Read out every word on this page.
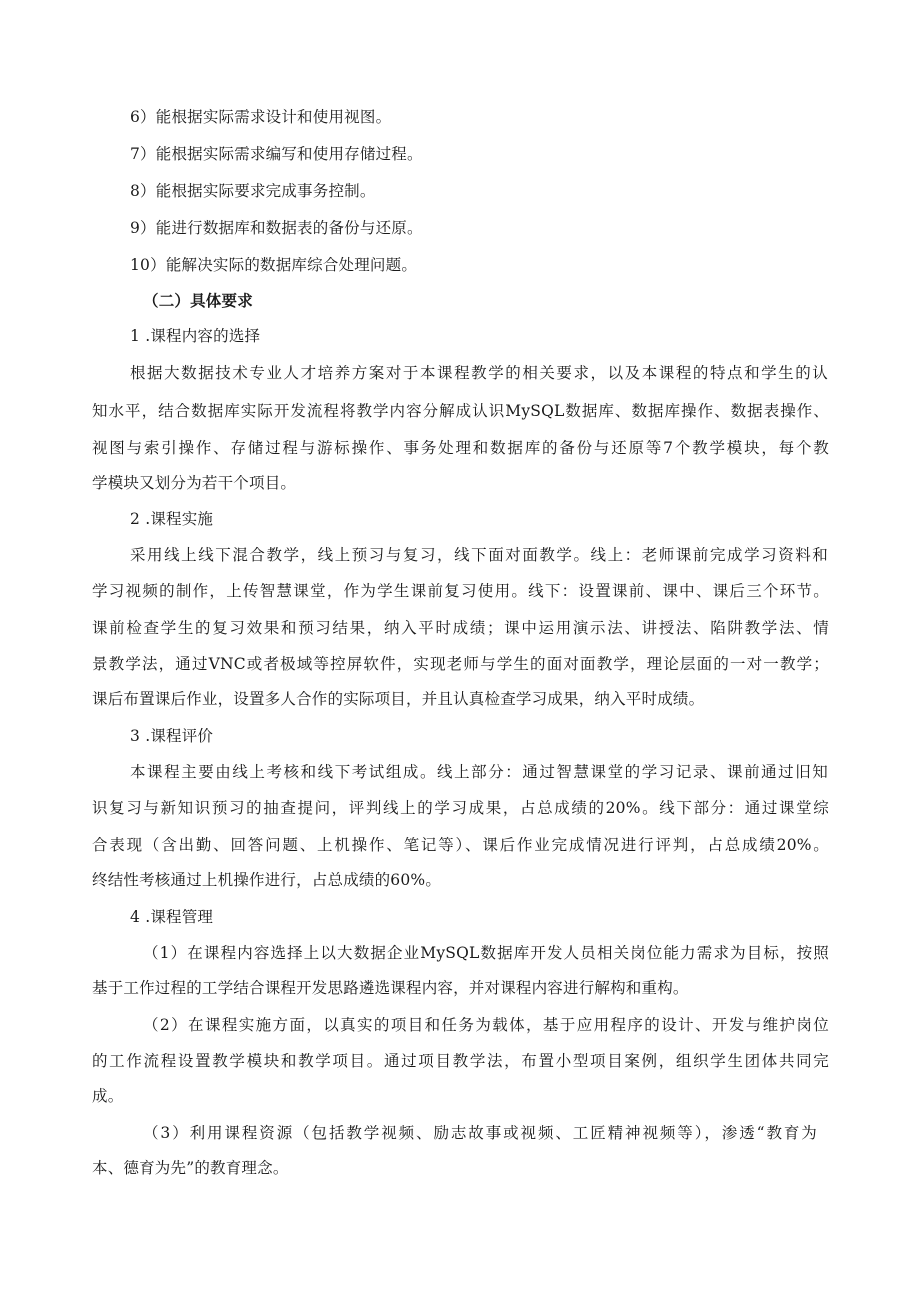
6）能根据实际需求设计和使用视图。
7）能根据实际需求编写和使用存储过程。
8）能根据实际要求完成事务控制。
9）能进行数据库和数据表的备份与还原。
10）能解决实际的数据库综合处理问题。
（二）具体要求
1 .课程内容的选择
根据大数据技术专业人才培养方案对于本课程教学的相关要求，以及本课程的特点和学生的认
知水平，结合数据库实际开发流程将教学内容分解成认识MySQL数据库、数据库操作、数据表操作、
视图与索引操作、存储过程与游标操作、事务处理和数据库的备份与还原等7个教学模块，每个教
学模块又划分为若干个项目。
2 .课程实施
采用线上线下混合教学，线上预习与复习，线下面对面教学。线上：老师课前完成学习资料和
学习视频的制作，上传智慧课堂，作为学生课前复习使用。线下：设置课前、课中、课后三个环节。
课前检查学生的复习效果和预习结果，纳入平时成绩；课中运用演示法、讲授法、陷阱教学法、情
景教学法，通过VNC或者极域等控屏软件，实现老师与学生的面对面教学，理论层面的一对一教学；
课后布置课后作业，设置多人合作的实际项目，并且认真检查学习成果，纳入平时成绩。
3 .课程评价
本课程主要由线上考核和线下考试组成。线上部分：通过智慧课堂的学习记录、课前通过旧知
识复习与新知识预习的抽查提问，评判线上的学习成果，占总成绩的20%。线下部分：通过课堂综
合表现（含出勤、回答问题、上机操作、笔记等）、课后作业完成情况进行评判，占总成绩20%。
终结性考核通过上机操作进行，占总成绩的60%。
4 .课程管理
（1）在课程内容选择上以大数据企业MySQL数据库开发人员相关岗位能力需求为目标，按照
基于工作过程的工学结合课程开发思路遴选课程内容，并对课程内容进行解构和重构。
（2）在课程实施方面，以真实的项目和任务为载体，基于应用程序的设计、开发与维护岗位
的工作流程设置教学模块和教学项目。通过项目教学法，布置小型项目案例，组织学生团体共同完
成。
（3）利用课程资源（包括教学视频、励志故事或视频、工匠精神视频等），渗透“教育为
本、德育为先”的教育理念。
